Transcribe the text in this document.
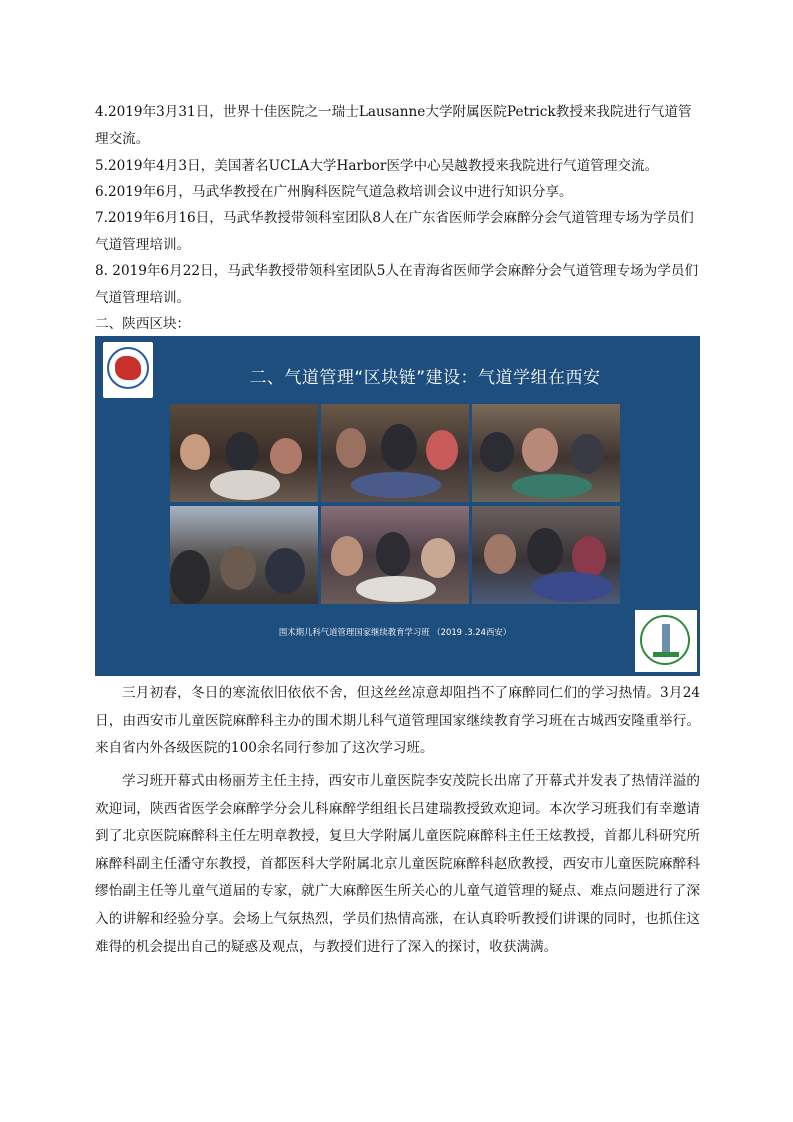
4.2019年3月31日，世界十佳医院之一瑞士Lausanne大学附属医院Petrick教授来我院进行气道管理交流。
5.2019年4月3日，美国著名UCLA大学Harbor医学中心吴越教授来我院进行气道管理交流。
6.2019年6月，马武华教授在广州胸科医院气道急救培训会议中进行知识分享。
7.2019年6月16日，马武华教授带领科室团队8人在广东省医师学会麻醉分会气道管理专场为学员们气道管理培训。
8. 2019年6月22日，马武华教授带领科室团队5人在青海省医师学会麻醉分会气道管理专场为学员们气道管理培训。
二、陕西区块：
二、气道管理“区块链”建设：气道学组在西安
围术期儿科气道管理国家继续教育学习班 （2019 .3.24西安）
三月初春，冬日的寒流依旧依依不舍，但这丝丝凉意却阻挡不了麻醉同仁们的学习热情。3月24日，由西安市儿童医院麻醉科主办的围术期儿科气道管理国家继续教育学习班在古城西安隆重举行。来自省内外各级医院的100余名同行参加了这次学习班。
学习班开幕式由杨丽芳主任主持，西安市儿童医院李安茂院长出席了开幕式并发表了热情洋溢的欢迎词，陕西省医学会麻醉学分会儿科麻醉学组组长吕建瑞教授致欢迎词。本次学习班我们有幸邀请到了北京医院麻醉科主任左明章教授，复旦大学附属儿童医院麻醉科主任王炫教授，首都儿科研究所麻醉科副主任潘守东教授，首都医科大学附属北京儿童医院麻醉科赵欣教授，西安市儿童医院麻醉科缪怡副主任等儿童气道届的专家，就广大麻醉医生所关心的儿童气道管理的疑点、难点问题进行了深入的讲解和经验分享。会场上气氛热烈，学员们热情高涨，在认真聆听教授们讲课的同时，也抓住这难得的机会提出自己的疑惑及观点，与教授们进行了深入的探讨，收获满满。
